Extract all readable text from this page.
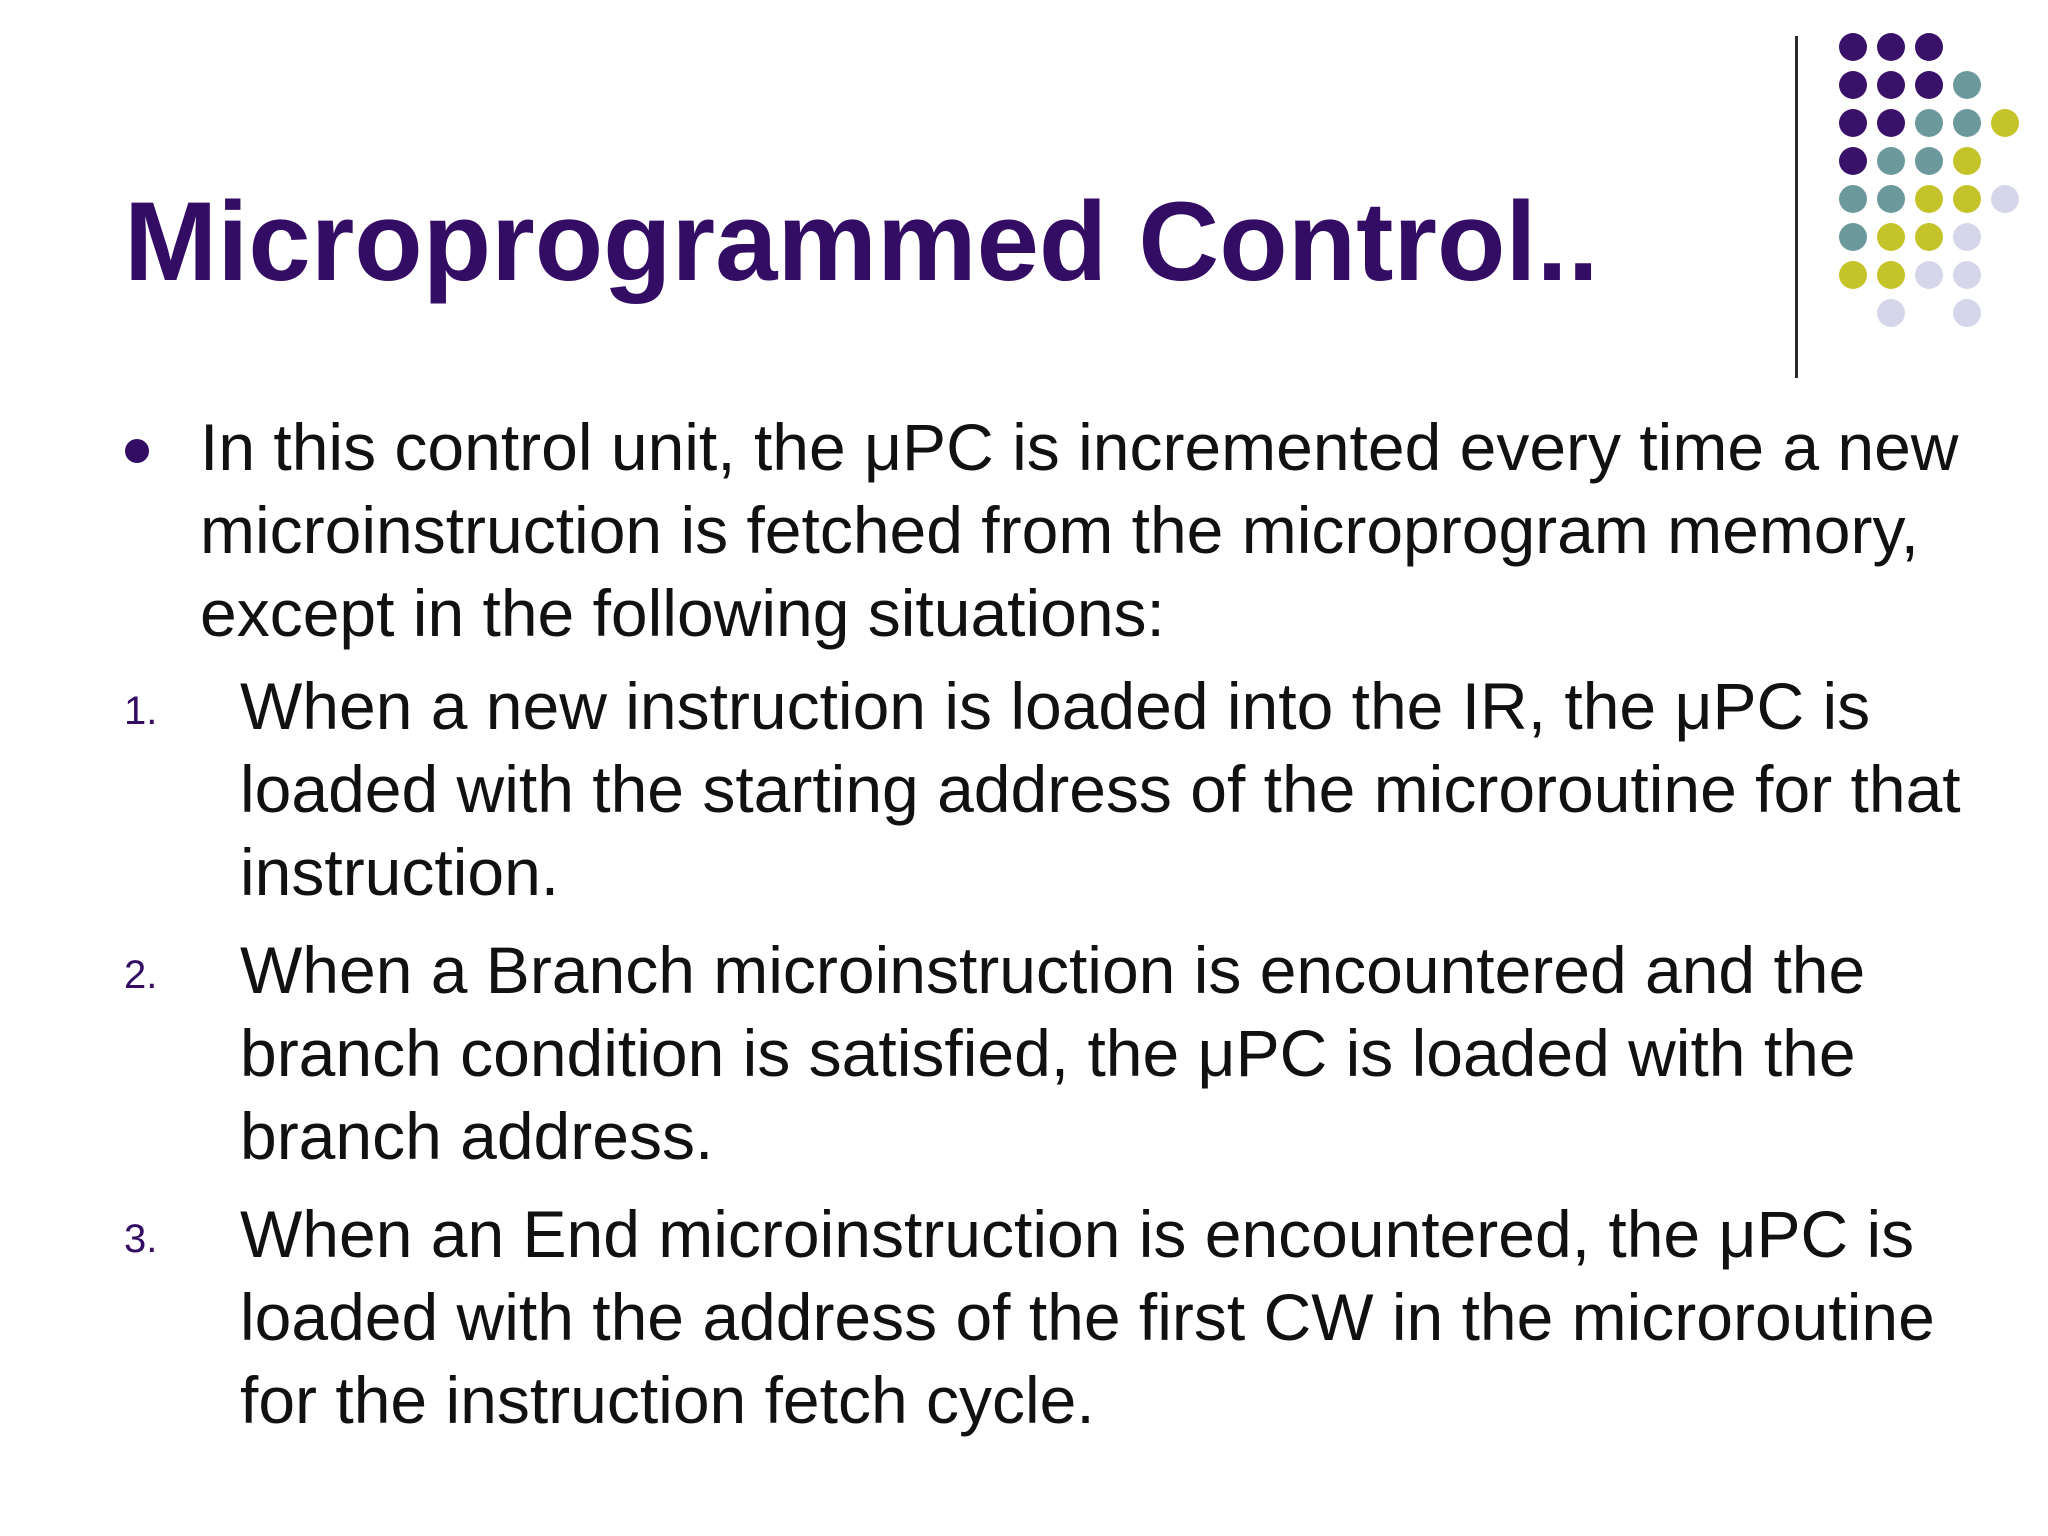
Microprogrammed Control..
In this control unit, the μPC is incremented every time a new microinstruction is fetched from the microprogram memory, except in the following situations:
1. When a new instruction is loaded into the IR, the μPC is loaded with the starting address of the microroutine for that instruction.
2. When a Branch microinstruction is encountered and the branch condition is satisfied, the μPC is loaded with the branch address.
3. When an End microinstruction is encountered, the μPC is loaded with the address of the first CW in the microroutine for the instruction fetch cycle.
